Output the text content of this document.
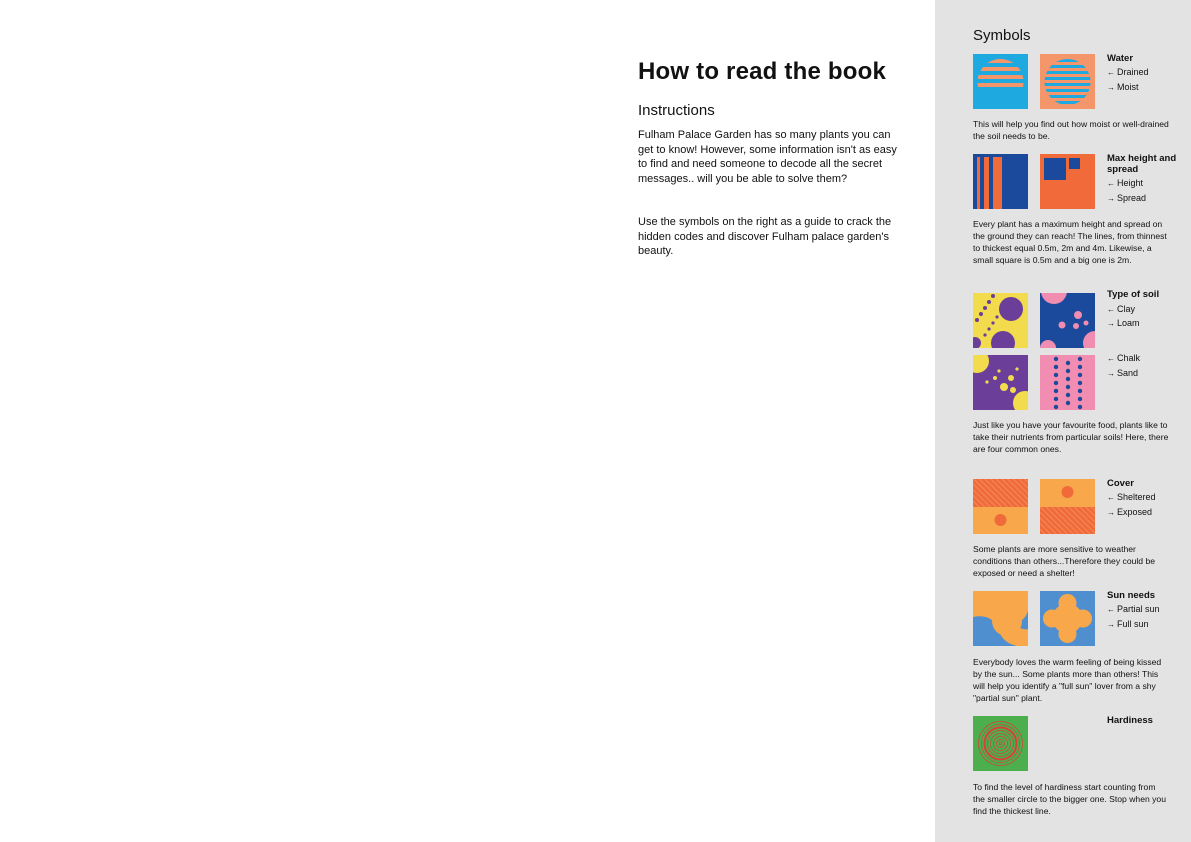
How to read the book
Instructions

Fulham Palace Garden has so many plants you can get to know! However, some information isn't as easy to find and need someone to decode all the secret messages.. will you be able to solve them?

Use the symbols on the right as a guide to crack the hidden codes and discover Fulham palace garden's beauty.

Symbols
Water
← Drained
→ Moist

This will help you find out how moist or well-drained the soil needs to be.

Max height and spread
← Height
→ Spread

Every plant has a maximum height and spread on the ground they can reach! The lines, from thinnest to thickest equal 0.5m, 2m and 4m. Likewise, a small square is 0.5m and a big one is 2m.

Type of soil
← Clay
→ Loam
← Chalk
→ Sand

Just like you have your favourite food, plants like to take their nutrients from particular soils! Here, there are four common ones.

Cover
← Sheltered
→ Exposed

Some plants are more sensitive to weather conditions than others...Therefore they could be exposed or need a shelter!

Sun needs
← Partial sun
→ Full sun

Everybody loves the warm feeling of being kissed by the sun... Some plants more than others! This will help you identify a "full sun" lover from a shy "partial sun" plant.

Hardiness

To find the level of hardiness start counting from the smaller circle to the bigger one. Stop when you find the thickest line.
